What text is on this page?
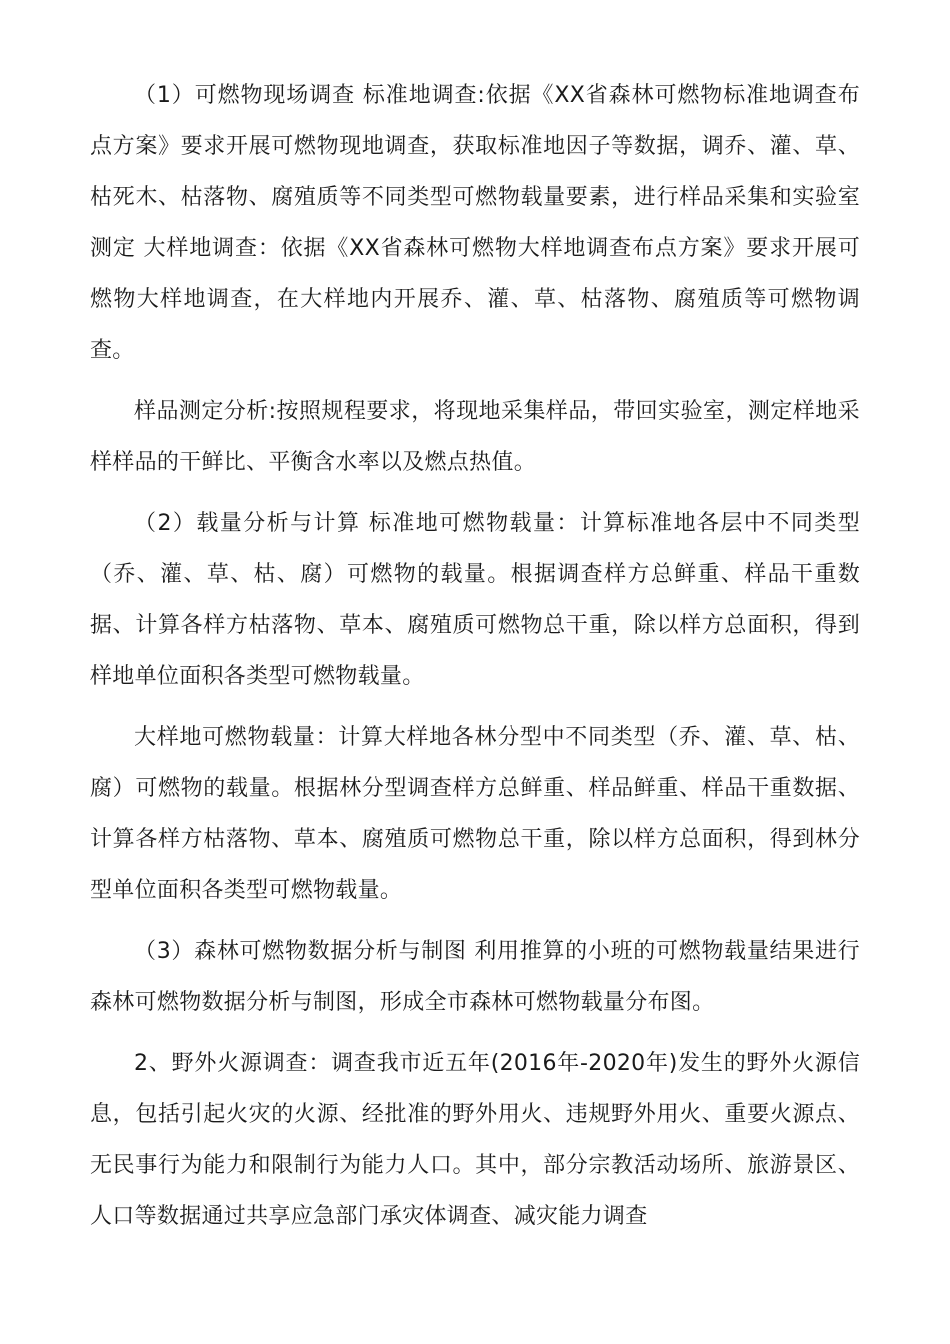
（1）可燃物现场调查 标准地调查:依据《XX省森林可燃物标准地调查布点方案》要求开展可燃物现地调查，获取标准地因子等数据，调乔、灌、草、枯死木、枯落物、腐殖质等不同类型可燃物载量要素，进行样品采集和实验室测定 大样地调查：依据《XX省森林可燃物大样地调查布点方案》要求开展可燃物大样地调查，在大样地内开展乔、灌、草、枯落物、腐殖质等可燃物调查。

样品测定分析:按照规程要求，将现地采集样品，带回实验室，测定样地采样样品的干鲜比、平衡含水率以及燃点热值。

（2）载量分析与计算 标准地可燃物载量：计算标准地各层中不同类型（乔、灌、草、枯、腐）可燃物的载量。根据调查样方总鲜重、样品干重数据、计算各样方枯落物、草本、腐殖质可燃物总干重，除以样方总面积，得到样地单位面积各类型可燃物载量。

大样地可燃物载量：计算大样地各林分型中不同类型（乔、灌、草、枯、腐）可燃物的载量。根据林分型调查样方总鲜重、样品鲜重、样品干重数据、计算各样方枯落物、草本、腐殖质可燃物总干重，除以样方总面积，得到林分型单位面积各类型可燃物载量。

（3）森林可燃物数据分析与制图 利用推算的小班的可燃物载量结果进行森林可燃物数据分析与制图，形成全市森林可燃物载量分布图。

2、野外火源调查：调查我市近五年(2016年-2020年)发生的野外火源信息，包括引起火灾的火源、经批准的野外用火、违规野外用火、重要火源点、无民事行为能力和限制行为能力人口。其中，部分宗教活动场所、旅游景区、人口等数据通过共享应急部门承灾体调查、减灾能力调查
